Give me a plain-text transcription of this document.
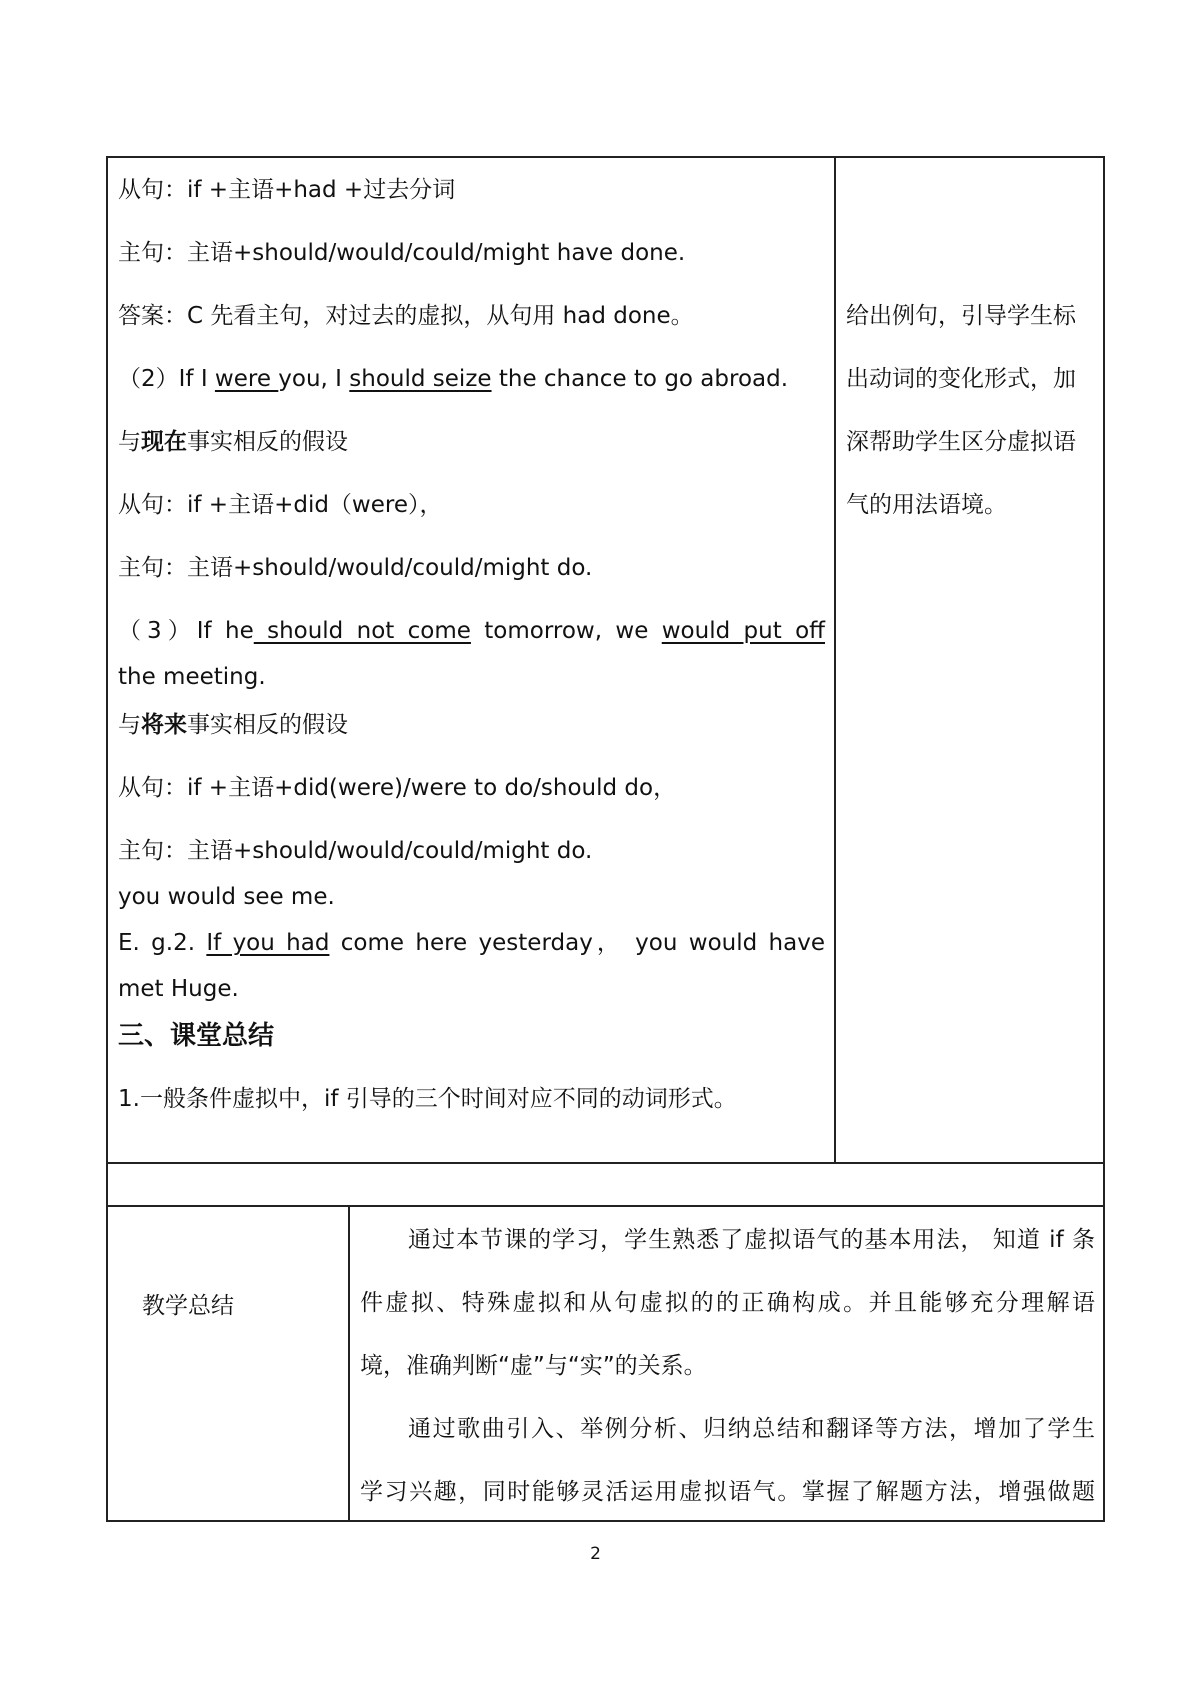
从句：if +主语+had +过去分词
主句：主语+should/would/could/might have done.
答案：C 先看主句，对过去的虚拟，从句用 had done。
（2）If I were you, I should seize the chance to go abroad.
与现在事实相反的假设
从句：if +主语+did（were），
主句：主语+should/would/could/might do.
（3）If he should not come tomorrow, we would put off
the meeting.
与将来事实相反的假设
从句：if +主语+did(were)/were to do/should do，
主句：主语+should/would/could/might do.
you would see me.
E. g.2. If you had come here yesterday， you would have
met Huge.
三、课堂总结
1.一般条件虚拟中，if 引导的三个时间对应不同的动词形式。
给出例句，引导学生标
出动词的变化形式，加
深帮助学生区分虚拟语
气的用法语境。
教学总结
通过本节课的学习，学生熟悉了虚拟语气的基本用法， 知道 if 条
件虚拟、特殊虚拟和从句虚拟的的正确构成。并且能够充分理解语
境，准确判断“虚”与“实”的关系。
通过歌曲引入、举例分析、归纳总结和翻译等方法，增加了学生
学习兴趣，同时能够灵活运用虚拟语气。掌握了解题方法，增强做题
2
